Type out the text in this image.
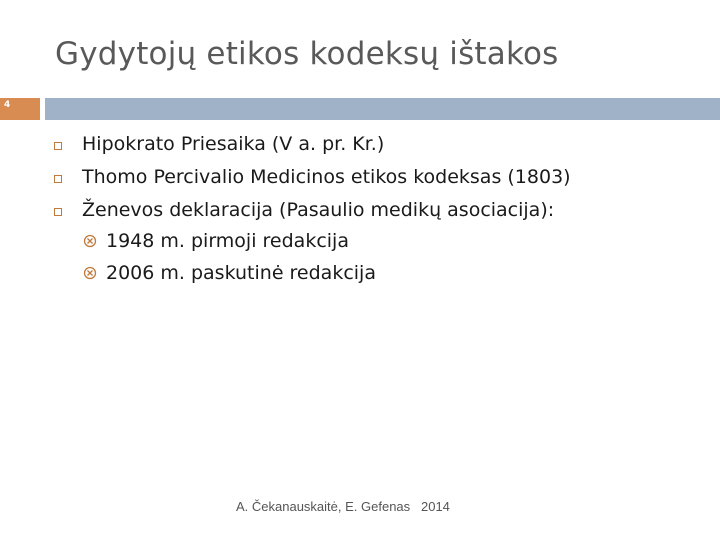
Gydytojų etikos kodeksų ištakos
4
Hipokrato Priesaika (V a. pr. Kr.)
Thomo Percivalio Medicinos etikos kodeksas (1803)
Ženevos deklaracija (Pasaulio medikų asociacija):
1948 m. pirmoji redakcija
2006 m. paskutinė redakcija
A. Čekanauskaitė, E. Gefenas   2014
